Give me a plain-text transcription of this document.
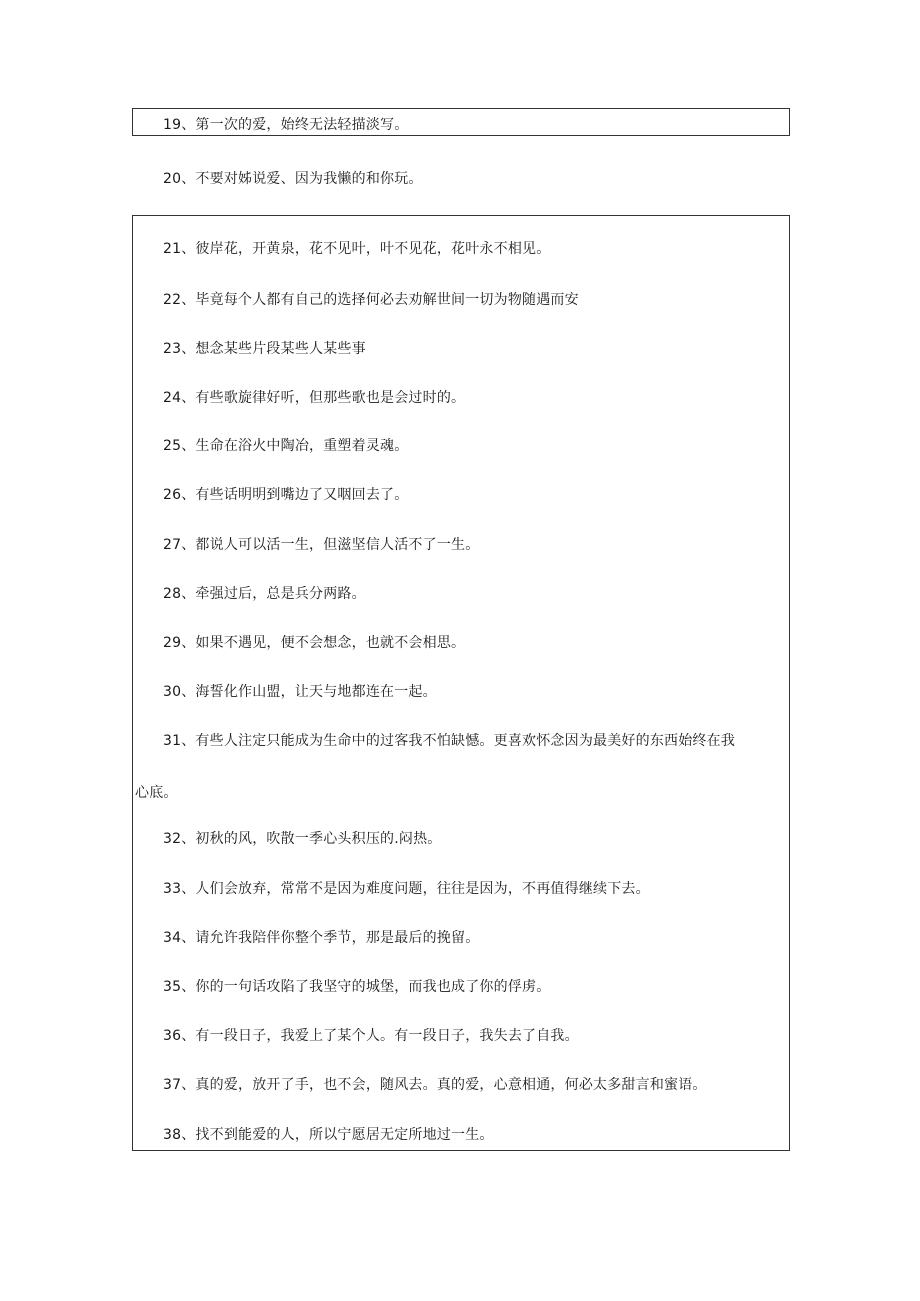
19、第一次的爱，始终无法轻描淡写。
20、不要对姊说爱、因为我懒的和你玩。
21、彼岸花，开黄泉，花不见叶，叶不见花，花叶永不相见。
22、毕竟每个人都有自己的选择何必去劝解世间一切为物随遇而安
23、想念某些片段某些人某些事
24、有些歌旋律好听，但那些歌也是会过时的。
25、生命在浴火中陶冶，重塑着灵魂。
26、有些话明明到嘴边了又咽回去了。
27、都说人可以活一生，但滋坚信人活不了一生。
28、牵强过后，总是兵分两路。
29、如果不遇见，便不会想念，也就不会相思。
30、海誓化作山盟，让天与地都连在一起。
31、有些人注定只能成为生命中的过客我不怕缺憾。更喜欢怀念因为最美好的东西始终在我
心底。
32、初秋的风，吹散一季心头积压的.闷热。
33、人们会放弃，常常不是因为难度问题，往往是因为，不再值得继续下去。
34、请允许我陪伴你整个季节，那是最后的挽留。
35、你的一句话攻陷了我坚守的城堡，而我也成了你的俘虏。
36、有一段日子，我爱上了某个人。有一段日子，我失去了自我。
37、真的爱，放开了手，也不会，随风去。真的爱，心意相通，何必太多甜言和蜜语。
38、找不到能爱的人，所以宁愿居无定所地过一生。
